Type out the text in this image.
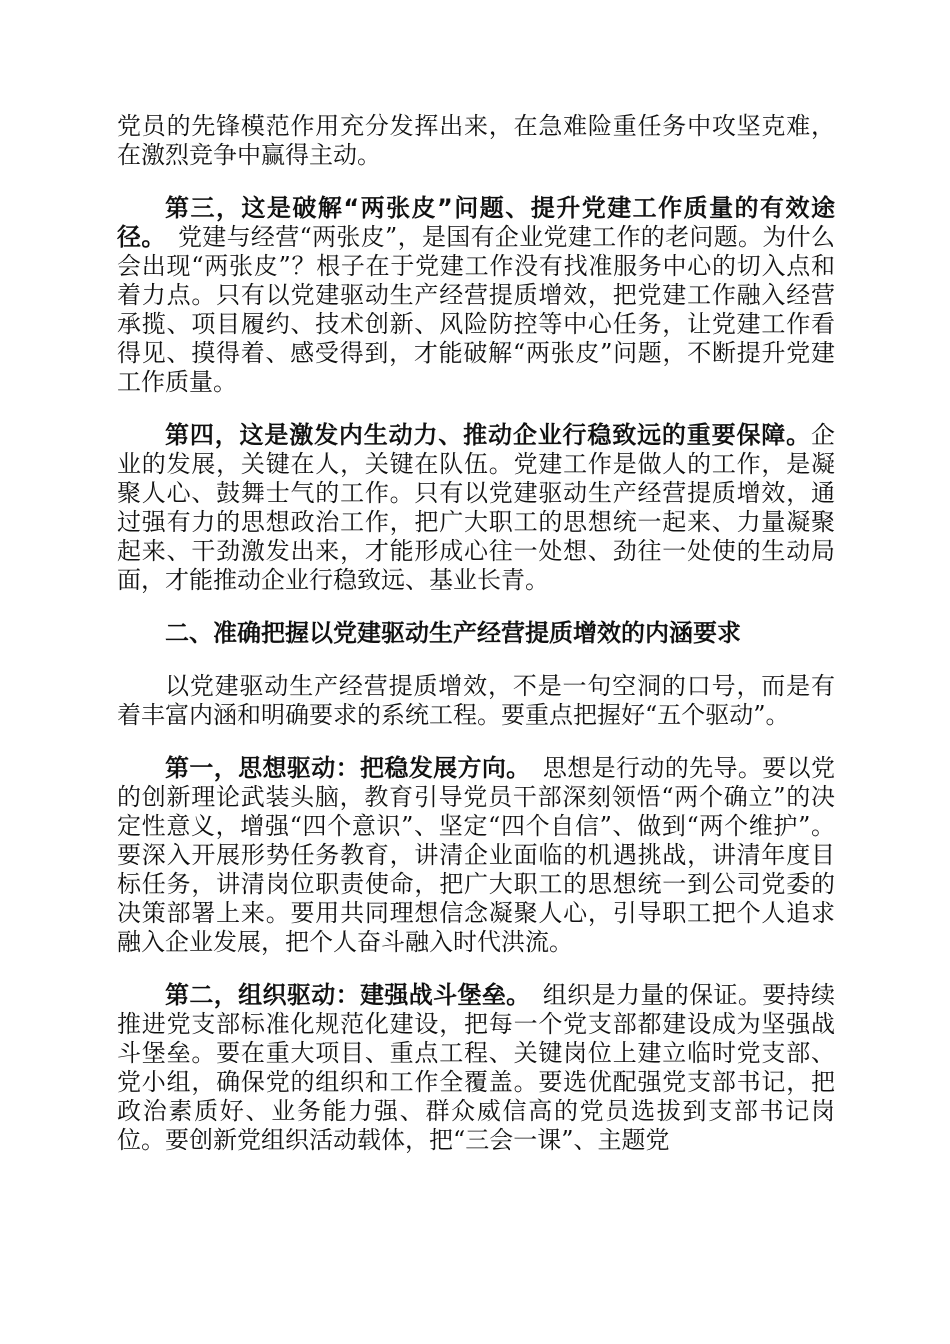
党员的先锋模范作用充分发挥出来，在急难险重任务中攻坚克难，在激烈竞争中赢得主动。

第三，这是破解“两张皮”问题、提升党建工作质量的有效途径。  党建与经营“两张皮”，是国有企业党建工作的老问题。为什么会出现“两张皮”？根子在于党建工作没有找准服务中心的切入点和着力点。只有以党建驱动生产经营提质增效，把党建工作融入经营承揽、项目履约、技术创新、风险防控等中心任务，让党建工作看得见、摸得着、感受得到，才能破解“两张皮”问题，不断提升党建工作质量。

第四，这是激发内生动力、推动企业行稳致远的重要保障。企业的发展，关键在人，关键在队伍。党建工作是做人的工作，是凝聚人心、鼓舞士气的工作。只有以党建驱动生产经营提质增效，通过强有力的思想政治工作，把广大职工的思想统一起来、力量凝聚起来、干劲激发出来，才能形成心往一处想、劲往一处使的生动局面，才能推动企业行稳致远、基业长青。

二、准确把握以党建驱动生产经营提质增效的内涵要求

以党建驱动生产经营提质增效，不是一句空洞的口号，而是有着丰富内涵和明确要求的系统工程。要重点把握好“五个驱动”。

第一，思想驱动：把稳发展方向。  思想是行动的先导。要以党的创新理论武装头脑，教育引导党员干部深刻领悟“两个确立”的决定性意义，增强“四个意识”、坚定“四个自信”、做到“两个维护”。要深入开展形势任务教育，讲清企业面临的机遇挑战，讲清年度目标任务，讲清岗位职责使命，把广大职工的思想统一到公司党委的决策部署上来。要用共同理想信念凝聚人心，引导职工把个人追求融入企业发展，把个人奋斗融入时代洪流。

第二，组织驱动：建强战斗堡垒。  组织是力量的保证。要持续推进党支部标准化规范化建设，把每一个党支部都建设成为坚强战斗堡垒。要在重大项目、重点工程、关键岗位上建立临时党支部、党小组，确保党的组织和工作全覆盖。要选优配强党支部书记，把政治素质好、业务能力强、群众威信高的党员选拔到支部书记岗位。要创新党组织活动载体，把“三会一课”、主题党
